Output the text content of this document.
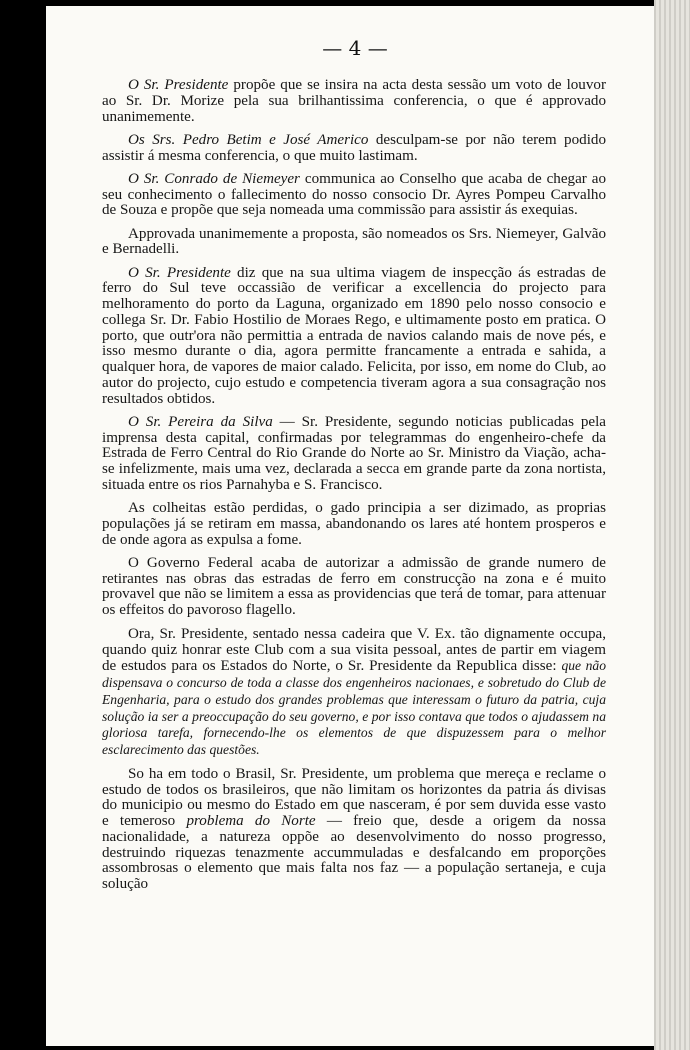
— 4 —

O Sr. Presidente propõe que se insira na acta desta sessão um voto de louvor ao Sr. Dr. Morize pela sua brilhantissima conferencia, o que é approvado unanimemente.

Os Srs. Pedro Betim e José Americo desculpam-se por não terem podido assistir á mesma conferencia, o que muito lastimam.

O Sr. Conrado de Niemeyer communica ao Conselho que acaba de chegar ao seu conhecimento o fallecimento do nosso consocio Dr. Ayres Pompeu Carvalho de Souza e propõe que seja nomeada uma commissão para assistir ás exequias.

Approvada unanimemente a proposta, são nomeados os Srs. Niemeyer, Galvão e Bernadelli.

O Sr. Presidente diz que na sua ultima viagem de inspecção ás estradas de ferro do Sul teve occassião de verificar a excellencia do projecto para melhoramento do porto da Laguna, organizado em 1890 pelo nosso consocio e collega Sr. Dr. Fabio Hostilio de Moraes Rego, e ultimamente posto em pratica. O porto, que outr'ora não permittia a entrada de navios calando mais de nove pés, e isso mesmo durante o dia, agora permitte francamente a entrada e sahida, a qualquer hora, de vapores de maior calado. Felicita, por isso, em nome do Club, ao autor do projecto, cujo estudo e competencia tiveram agora a sua consagração nos resultados obtidos.

O Sr. Pereira da Silva — Sr. Presidente, segundo noticias publicadas pela imprensa desta capital, confirmadas por telegrammas do engenheiro-chefe da Estrada de Ferro Central do Rio Grande do Norte ao Sr. Ministro da Viação, acha-se infelizmente, mais uma vez, declarada a secca em grande parte da zona nortista, situada entre os rios Parnahyba e S. Francisco.

As colheitas estão perdidas, o gado principia a ser dizimado, as proprias populações já se retiram em massa, abandonando os lares até hontem prosperos e de onde agora as expulsa a fome.

O Governo Federal acaba de autorizar a admissão de grande numero de retirantes nas obras das estradas de ferro em construcção na zona e é muito provavel que não se limitem a essa as providencias que terá de tomar, para attenuar os effeitos do pavoroso flagello.

Ora, Sr. Presidente, sentado nessa cadeira que V. Ex. tão dignamente occupa, quando quiz honrar este Club com a sua visita pessoal, antes de partir em viagem de estudos para os Estados do Norte, o Sr. Presidente da Republica disse: que não dispensava o concurso de toda a classe dos engenheiros nacionaes, e sobretudo do Club de Engenharia, para o estudo dos grandes problemas que interessam o futuro da patria, cuja solução ia ser a preoccupação do seu governo, e por isso contava que todos o ajudassem na gloriosa tarefa, fornecendo-lhe os elementos de que dispuzessem para o melhor esclarecimento das questões.

So ha em todo o Brasil, Sr. Presidente, um problema que mereça e reclame o estudo de todos os brasileiros, que não limitam os horizontes da patria ás divisas do municipio ou mesmo do Estado em que nasceram, é por sem duvida esse vasto e temeroso problema do Norte — freio que, desde a origem da nossa nacionalidade, a natureza oppõe ao desenvolvimento do nosso progresso, destruindo riquezas tenazmente accummuladas e desfalcando em proporções assombrosas o elemento que mais falta nos faz — a população sertaneja, e cuja solução
